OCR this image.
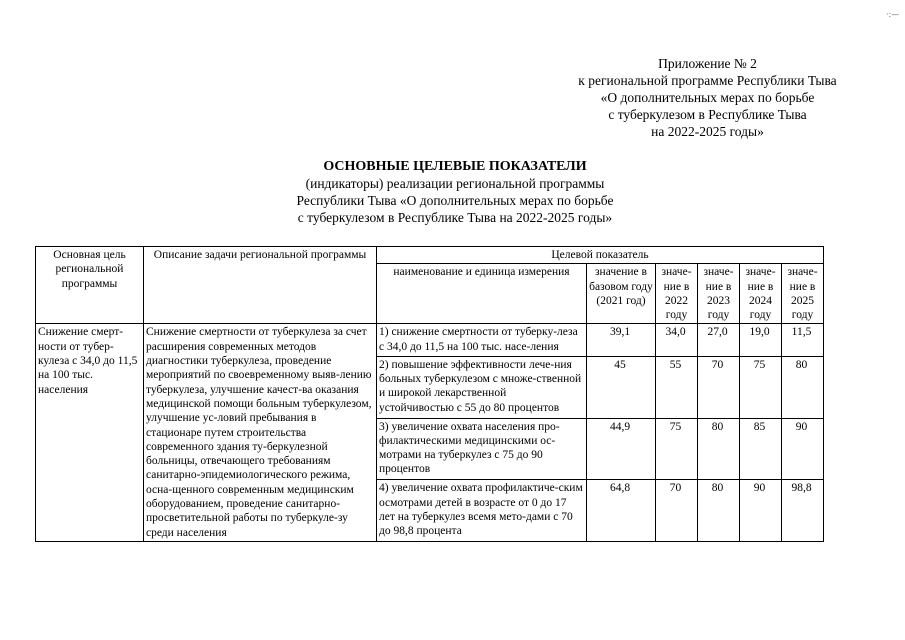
·:—
Приложение № 2
к региональной программе Республики Тыва
«О дополнительных мерах по борьбе
с туберкулезом в Республике Тыва
на 2022-2025 годы»
ОСНОВНЫЕ ЦЕЛЕВЫЕ ПОКАЗАТЕЛИ
(индикаторы) реализации региональной программы
Республики Тыва «О дополнительных мерах по борьбе
с туберкулезом в Республике Тыва на 2022-2025 годы»
Основная цель региональной программы	Описание задачи региональной программы	Целевой показатель					
		наименование и единица измерения	значение в базовом году (2021 год)	значе-ние в 2022 году	значе-ние в 2023 году	значе-ние в 2024 году	значе-ние в 2025 году
Снижение смерт-ности от тубер-кулеза с 34,0 до 11,5 на 100 тыс. населения	Снижение смертности от туберкулеза за счет расширения современных методов диагностики туберкулеза, проведение мероприятий по своевременному выяв-лению туберкулеза, улучшение качест-ва оказания медицинской помощи больным туберкулезом, улучшение ус-ловий пребывания в стационаре путем строительства современного здания ту-беркулезной больницы, отвечающего требованиям санитарно-эпидемиологического режима, осна-щенного современным медицинским оборудованием, проведение санитарно-просветительной работы по туберкуле-зу среди населения	1) снижение смертности от туберку-леза с 34,0 до 11,5 на 100 тыс. насе-ления	39,1	34,0	27,0	19,0	11,5
		2) повышение эффективности лече-ния больных туберкулезом с множе-ственной и широкой лекарственной устойчивостью с 55 до 80 процентов	45	55	70	75	80
		3) увеличение охвата населения про-филактическими медицинскими ос-мотрами на туберкулез с 75 до 90 процентов	44,9	75	80	85	90
		4) увеличение охвата профилактиче-ским осмотрами детей в возрасте от 0 до 17 лет на туберкулез всемя мето-дами с 70 до 98,8 процента	64,8	70	80	90	98,8
